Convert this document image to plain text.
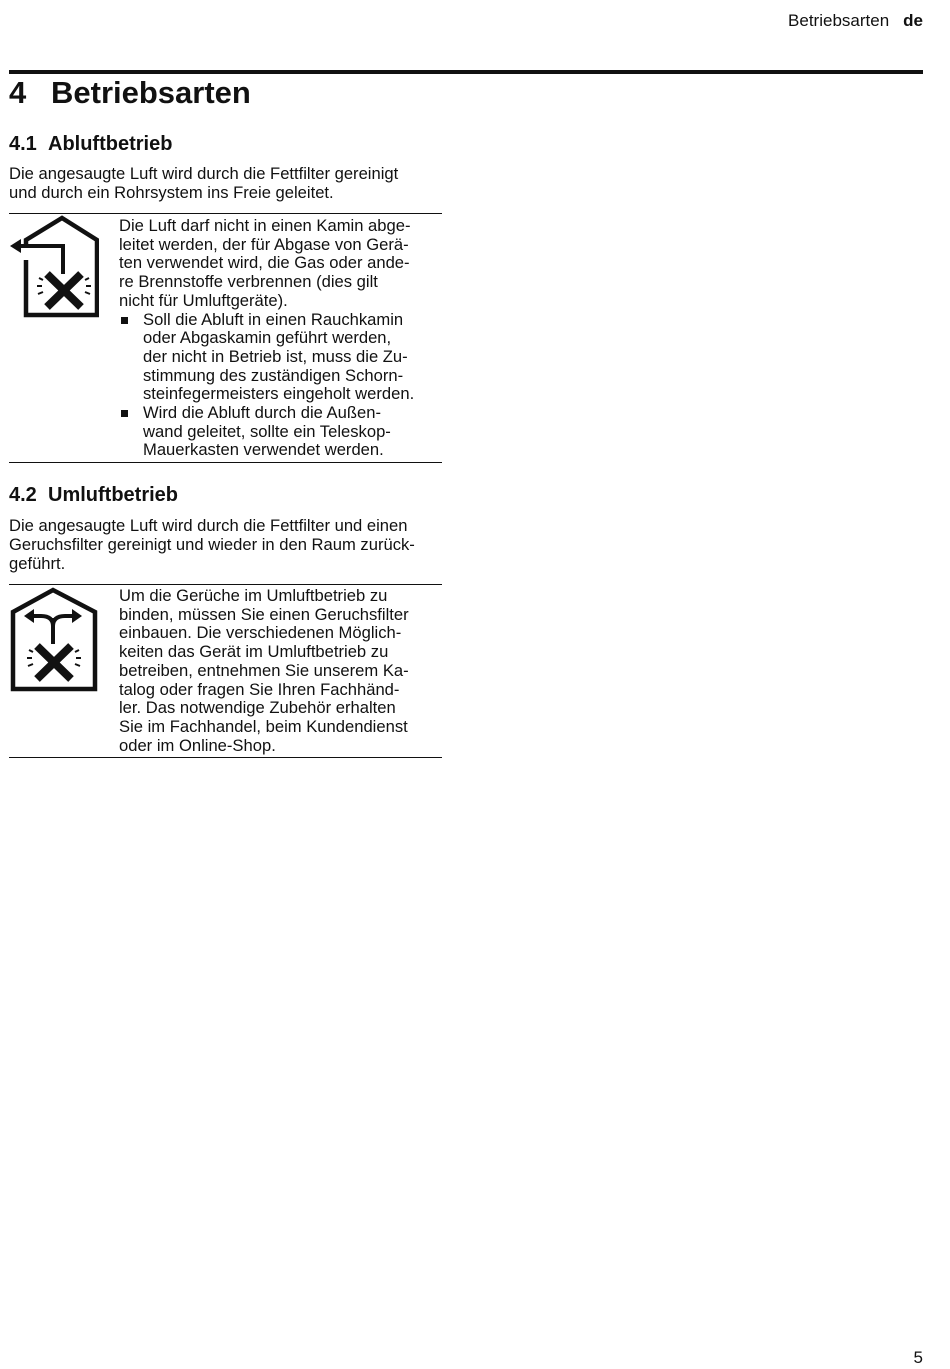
Betriebsarten de
4 Betriebsarten
4.1 Abluftbetrieb
Die angesaugte Luft wird durch die Fettfilter gereinigt
und durch ein Rohrsystem ins Freie geleitet.
Die Luft darf nicht in einen Kamin abge-
leitet werden, der für Abgase von Gerä-
ten verwendet wird, die Gas oder ande-
re Brennstoffe verbrennen (dies gilt
nicht für Umluftgeräte).
Soll die Abluft in einen Rauchkamin
oder Abgaskamin geführt werden,
der nicht in Betrieb ist, muss die Zu-
stimmung des zuständigen Schorn-
steinfegermeisters eingeholt werden.
Wird die Abluft durch die Außen-
wand geleitet, sollte ein Teleskop-
Mauerkasten verwendet werden.
4.2 Umluftbetrieb
Die angesaugte Luft wird durch die Fettfilter und einen
Geruchsfilter gereinigt und wieder in den Raum zurück-
geführt.
Um die Gerüche im Umluftbetrieb zu
binden, müssen Sie einen Geruchsfilter
einbauen. Die verschiedenen Möglich-
keiten das Gerät im Umluftbetrieb zu
betreiben, entnehmen Sie unserem Ka-
talog oder fragen Sie Ihren Fachhänd-
ler. Das notwendige Zubehör erhalten
Sie im Fachhandel, beim Kundendienst
oder im Online-Shop.
5
